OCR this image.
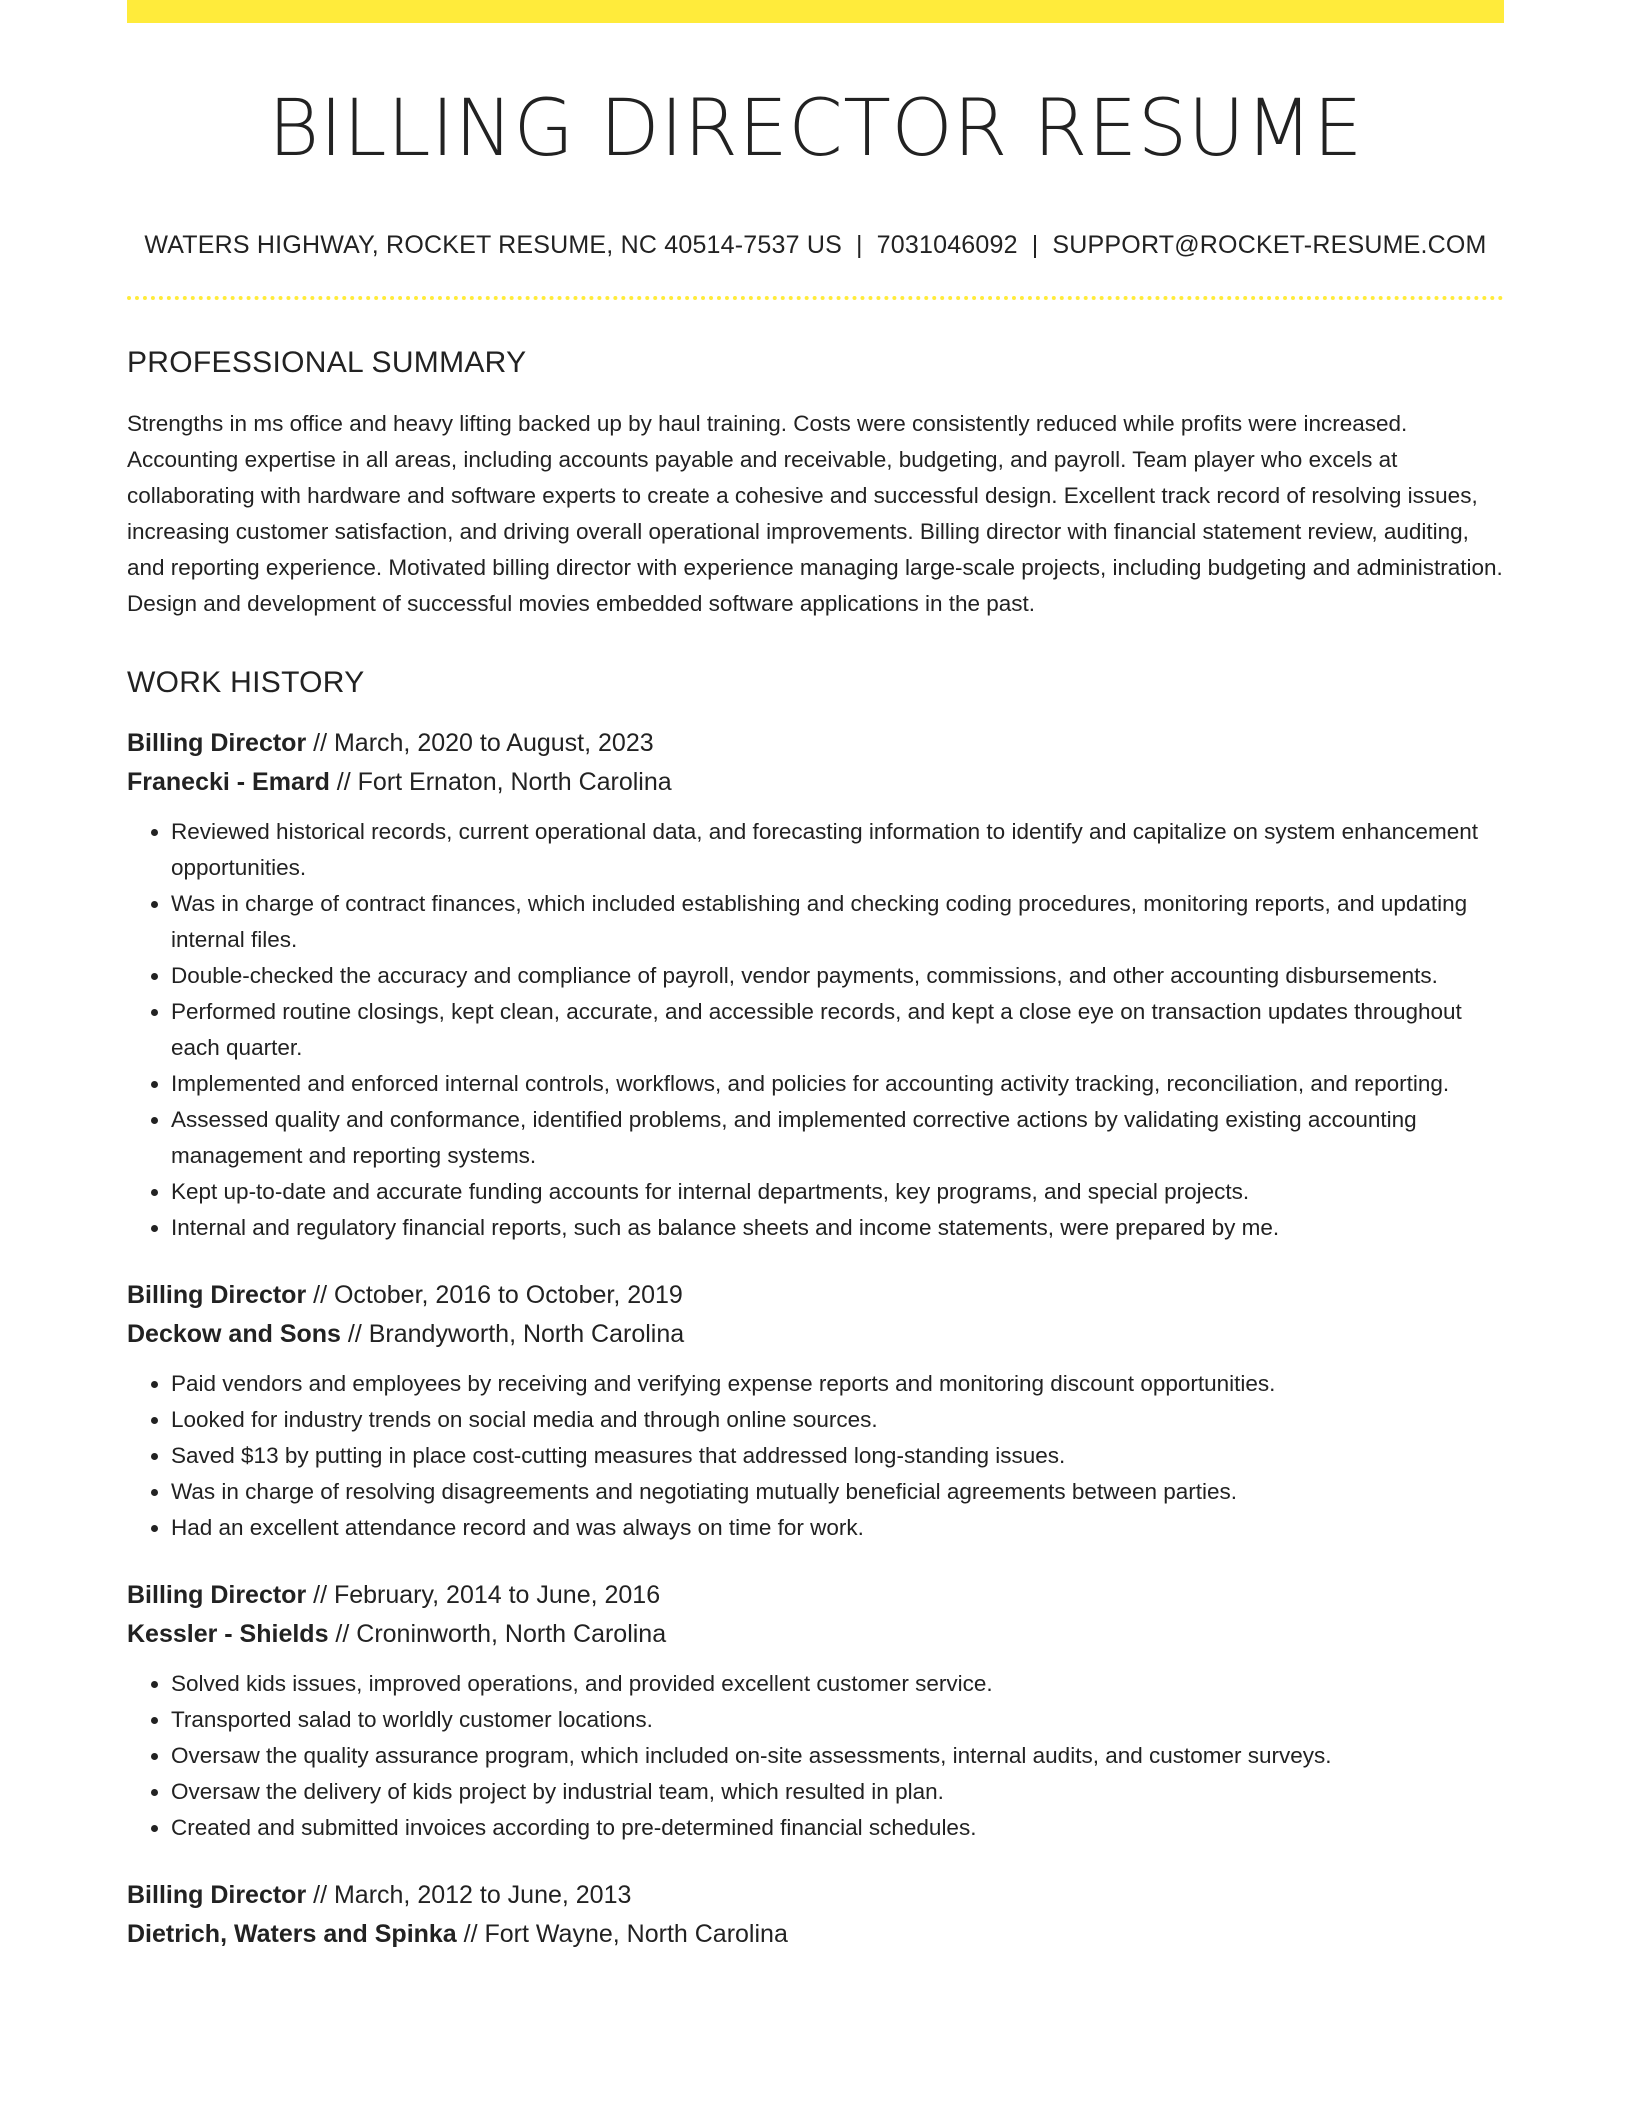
BILLING DIRECTOR RESUME
WATERS HIGHWAY, ROCKET RESUME, NC 40514-7537 US | 7031046092 | SUPPORT@ROCKET-RESUME.COM
PROFESSIONAL SUMMARY
Strengths in ms office and heavy lifting backed up by haul training. Costs were consistently reduced while profits were increased. Accounting expertise in all areas, including accounts payable and receivable, budgeting, and payroll. Team player who excels at collaborating with hardware and software experts to create a cohesive and successful design. Excellent track record of resolving issues, increasing customer satisfaction, and driving overall operational improvements. Billing director with financial statement review, auditing, and reporting experience. Motivated billing director with experience managing large-scale projects, including budgeting and administration. Design and development of successful movies embedded software applications in the past.
WORK HISTORY
Billing Director // March, 2020 to August, 2023
Franecki - Emard // Fort Ernaton, North Carolina
• Reviewed historical records, current operational data, and forecasting information to identify and capitalize on system enhancement opportunities.
• Was in charge of contract finances, which included establishing and checking coding procedures, monitoring reports, and updating internal files.
• Double-checked the accuracy and compliance of payroll, vendor payments, commissions, and other accounting disbursements.
• Performed routine closings, kept clean, accurate, and accessible records, and kept a close eye on transaction updates throughout each quarter.
• Implemented and enforced internal controls, workflows, and policies for accounting activity tracking, reconciliation, and reporting.
• Assessed quality and conformance, identified problems, and implemented corrective actions by validating existing accounting management and reporting systems.
• Kept up-to-date and accurate funding accounts for internal departments, key programs, and special projects.
• Internal and regulatory financial reports, such as balance sheets and income statements, were prepared by me.
Billing Director // October, 2016 to October, 2019
Deckow and Sons // Brandyworth, North Carolina
• Paid vendors and employees by receiving and verifying expense reports and monitoring discount opportunities.
• Looked for industry trends on social media and through online sources.
• Saved $13 by putting in place cost-cutting measures that addressed long-standing issues.
• Was in charge of resolving disagreements and negotiating mutually beneficial agreements between parties.
• Had an excellent attendance record and was always on time for work.
Billing Director // February, 2014 to June, 2016
Kessler - Shields // Croninworth, North Carolina
• Solved kids issues, improved operations, and provided excellent customer service.
• Transported salad to worldly customer locations.
• Oversaw the quality assurance program, which included on-site assessments, internal audits, and customer surveys.
• Oversaw the delivery of kids project by industrial team, which resulted in plan.
• Created and submitted invoices according to pre-determined financial schedules.
Billing Director // March, 2012 to June, 2013
Dietrich, Waters and Spinka // Fort Wayne, North Carolina
